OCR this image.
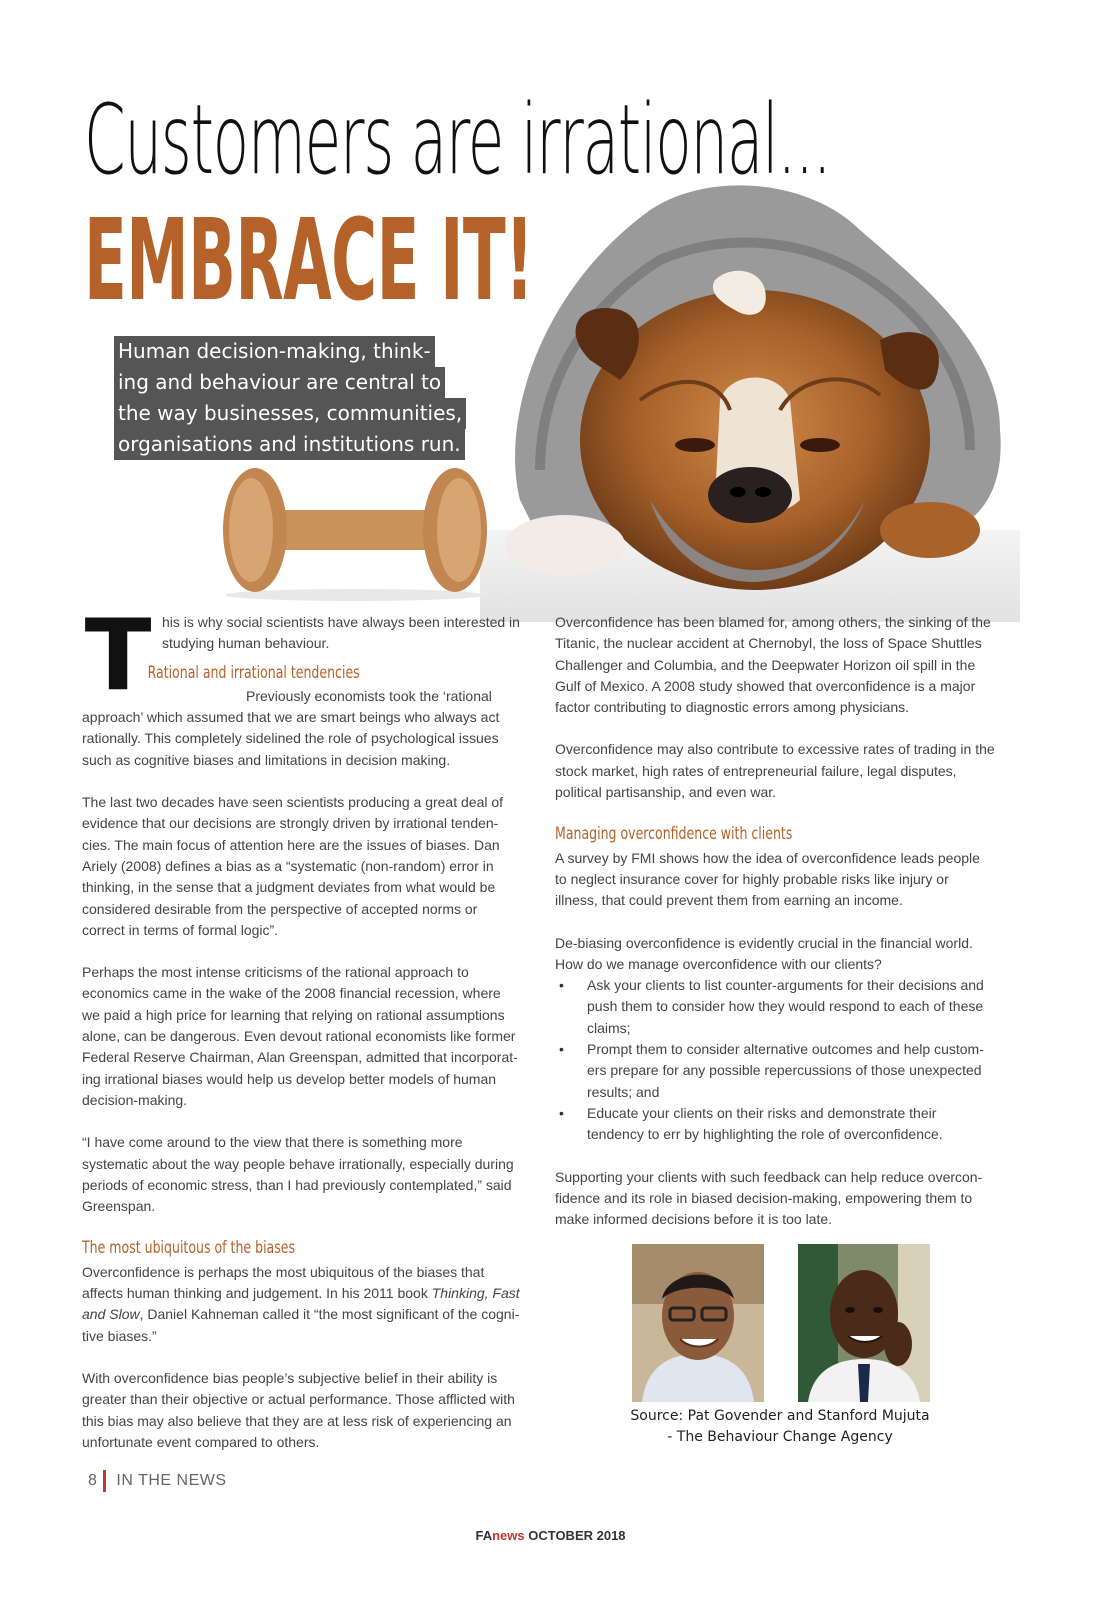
Customers are irrational...
EMBRACE IT!
Human decision-making, think-
ing and behaviour are central to
the way businesses, communities,
organisations and institutions run.
T his is why social scientists have always been interested in studying human behaviour.

Rational and irrational tendencies

Previously economists took the ‘rational approach’ which assumed that we are smart beings who always act rationally. This completely sidelined the role of psychological issues such as cognitive biases and limitations in decision making.

The last two decades have seen scientists producing a great deal of evidence that our decisions are strongly driven by irrational tenden-cies. The main focus of attention here are the issues of biases. Dan Ariely (2008) defines a bias as a “systematic (non-random) error in thinking, in the sense that a judgment deviates from what would be considered desirable from the perspective of accepted norms or correct in terms of formal logic”.

Perhaps the most intense criticisms of the rational approach to economics came in the wake of the 2008 financial recession, where we paid a high price for learning that relying on rational assumptions alone, can be dangerous. Even devout rational economists like former Federal Reserve Chairman, Alan Greenspan, admitted that incorporat-ing irrational biases would help us develop better models of human decision-making.

“I have come around to the view that there is something more systematic about the way people behave irrationally, especially during periods of economic stress, than I had previously contemplated,” said Greenspan.

The most ubiquitous of the biases

Overconfidence is perhaps the most ubiquitous of the biases that affects human thinking and judgement. In his 2011 book Thinking, Fast and Slow, Daniel Kahneman called it “the most significant of the cogni-tive biases.”

With overconfidence bias people’s subjective belief in their ability is greater than their objective or actual performance. Those afflicted with this bias may also believe that they are at less risk of experiencing an unfortunate event compared to others.

Overconfidence has been blamed for, among others, the sinking of the Titanic, the nuclear accident at Chernobyl, the loss of Space Shuttles Challenger and Columbia, and the Deepwater Horizon oil spill in the Gulf of Mexico. A 2008 study showed that overconfidence is a major factor contributing to diagnostic errors among physicians.

Overconfidence may also contribute to excessive rates of trading in the stock market, high rates of entrepreneurial failure, legal disputes, political partisanship, and even war.

Managing overconfidence with clients

A survey by FMI shows how the idea of overconfidence leads people to neglect insurance cover for highly probable risks like injury or illness, that could prevent them from earning an income.

De-biasing overconfidence is evidently crucial in the financial world. How do we manage overconfidence with our clients?

• Ask your clients to list counter-arguments for their decisions and push them to consider how they would respond to each of these claims;
• Prompt them to consider alternative outcomes and help custom-ers prepare for any possible repercussions of those unexpected results; and
• Educate your clients on their risks and demonstrate their tendency to err by highlighting the role of overconfidence.

Supporting your clients with such feedback can help reduce overcon-fidence and its role in biased decision-making, empowering them to make informed decisions before it is too late.

Source: Pat Govender and Stanford Mujuta
- The Behaviour Change Agency
8 IN THE NEWS
FAnews OCTOBER 2018
